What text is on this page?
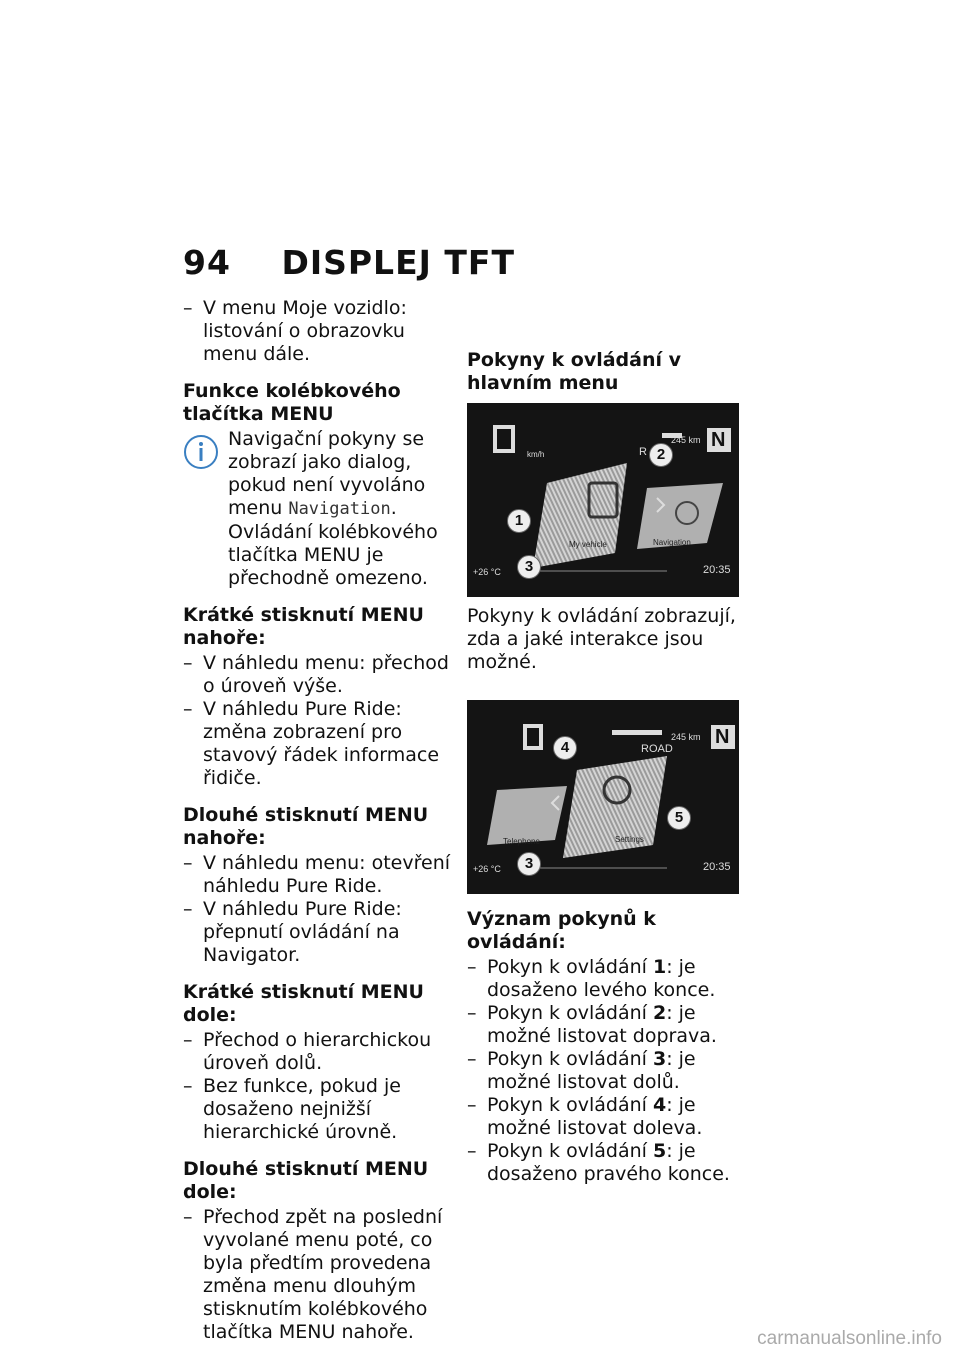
94 DISPLEJ TFT

– V menu Moje vozidlo: listování o obrazovku menu dále.

Funkce kolébkového tlačítka MENU

Navigační pokyny se zobrazí jako dialog, pokud není vyvoláno menu Navigation. Ovládání kolébkového tlačítka MENU je přechodně omezeno.

Krátké stisknutí MENU nahoře:

– V náhledu menu: přechod o úroveň výše.

– V náhledu Pure Ride: změna zobrazení pro stavový řádek informace řidiče.

Dlouhé stisknutí MENU nahoře:

– V náhledu menu: otevření náhledu Pure Ride.

– V náhledu Pure Ride: přepnutí ovládání na Navigator.

Krátké stisknutí MENU dole:

– Přechod o hierarchickou úroveň dolů.

– Bez funkce, pokud je dosaženo nejnižší hierarchické úrovně.

Dlouhé stisknutí MENU dole:

– Přechod zpět na poslední vyvolané menu poté, co byla předtím provedena změna menu dlouhým stisknutím kolébkového tlačítka MENU nahoře.

Pokyny k ovládání v hlavním menu

km/h
245 km
R
N
My vehicle	Navigation
+26 °C	20:35
1
2
3

Pokyny k ovládání zobrazují, zda a jaké interakce jsou možné.

245 km
ROAD
N
Telephone	Settings
+26 °C	20:35
4
5
3

Význam pokynů k ovládání:

– Pokyn k ovládání 1: je dosaženo levého konce.

– Pokyn k ovládání 2: je možné listovat doprava.

– Pokyn k ovládání 3: je možné listovat dolů.

– Pokyn k ovládání 4: je možné listovat doleva.

– Pokyn k ovládání 5: je dosaženo pravého konce.

carmanualsonline.info
